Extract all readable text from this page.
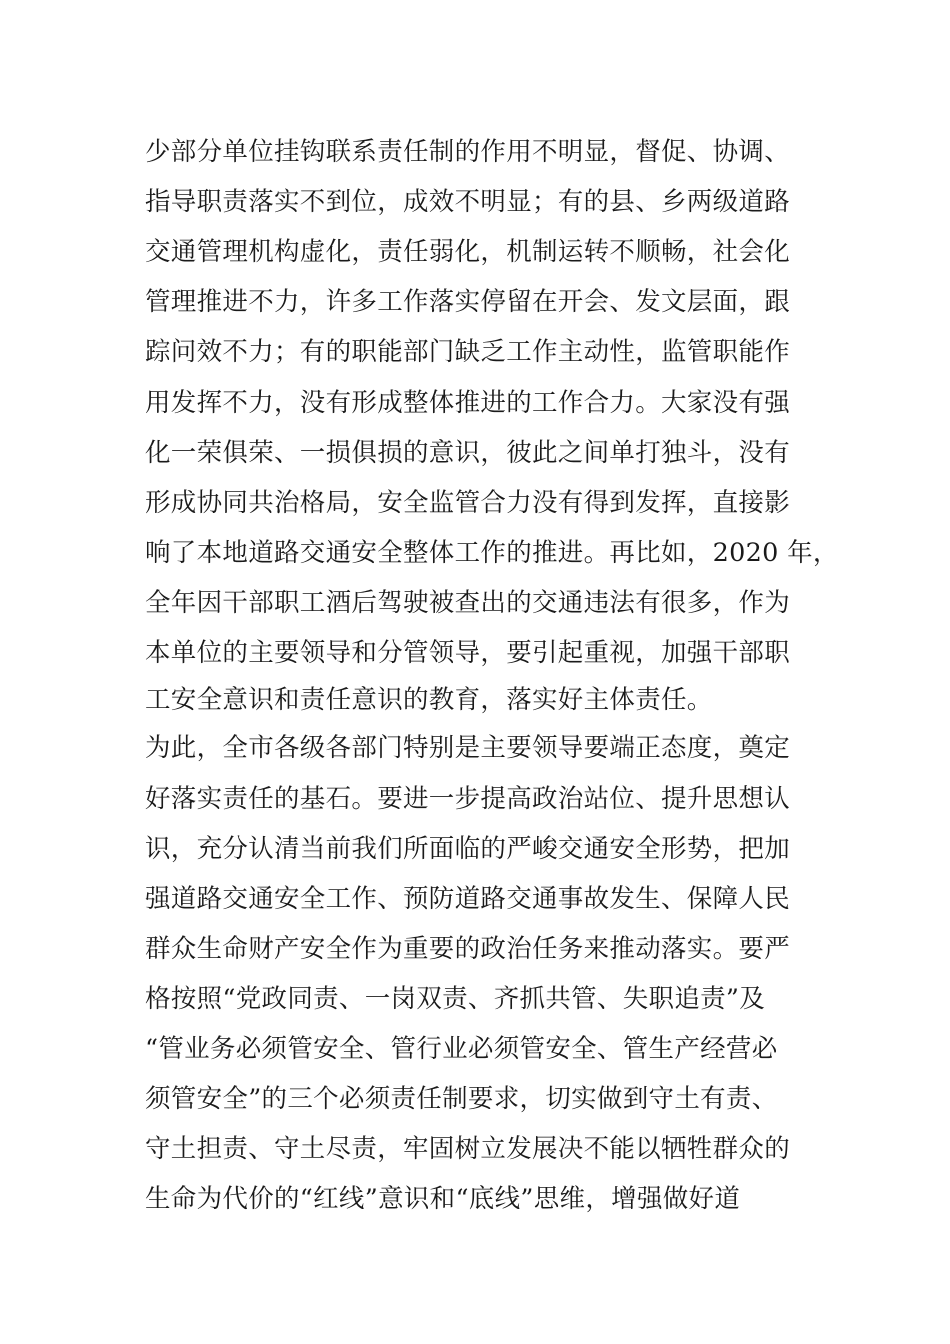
少部分单位挂钩联系责任制的作用不明显，督促、协调、
指导职责落实不到位，成效不明显；有的县、乡两级道路
交通管理机构虚化，责任弱化，机制运转不顺畅，社会化
管理推进不力，许多工作落实停留在开会、发文层面，跟
踪问效不力；有的职能部门缺乏工作主动性，监管职能作
用发挥不力，没有形成整体推进的工作合力。大家没有强
化一荣俱荣、一损俱损的意识，彼此之间单打独斗，没有
形成协同共治格局，安全监管合力没有得到发挥，直接影
响了本地道路交通安全整体工作的推进。再比如，2020 年，
全年因干部职工酒后驾驶被查出的交通违法有很多，作为
本单位的主要领导和分管领导，要引起重视，加强干部职
工安全意识和责任意识的教育，落实好主体责任。
为此，全市各级各部门特别是主要领导要端正态度，奠定
好落实责任的基石。要进一步提高政治站位、提升思想认
识，充分认清当前我们所面临的严峻交通安全形势，把加
强道路交通安全工作、预防道路交通事故发生、保障人民
群众生命财产安全作为重要的政治任务来推动落实。要严
格按照“党政同责、一岗双责、齐抓共管、失职追责”及
“管业务必须管安全、管行业必须管安全、管生产经营必
须管安全”的三个必须责任制要求，切实做到守土有责、
守土担责、守土尽责，牢固树立发展决不能以牺牲群众的
生命为代价的“红线”意识和“底线”思维，增强做好道
